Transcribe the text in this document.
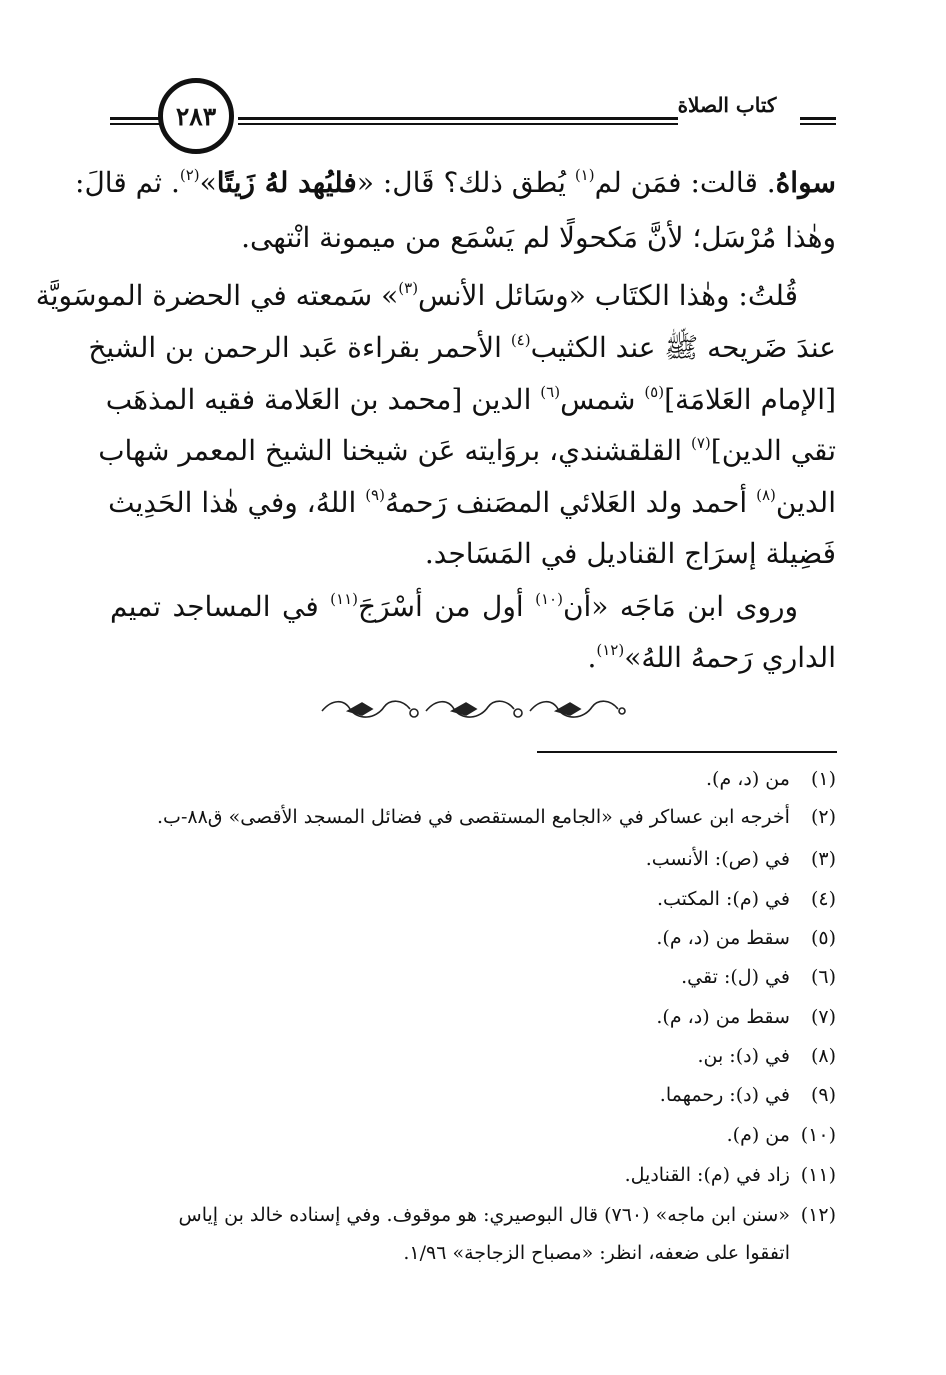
كتاب الصلاة
٢٨٣
سواهُ. قالت: فمَن لم$^{(١)}$ يُطق ذلك؟ قَال: «فليُهد لهُ زَيتًا»$^{(٢)}$. ثم قالَ:
وهٰذا مُرْسَل؛ لأنَّ مَكحولًا لم يَسْمَع من ميمونة انْتهى.
قُلتُ: وهٰذا الكتَاب «وسَائل الأنس$^{(٣)}$» سَمعته في الحضرة الموسَويَّة
عندَ ضَريحه ﷺ عند الكثيب$^{(٤)}$ الأحمر بقراءة عَبد الرحمن بن الشيخ
[الإمام العَلامَة]$^{(٥)}$ شمس$^{(٦)}$ الدين [محمد بن العَلامة فقيه المذهَب
تقي الدين]$^{(٧)}$ القلقشندي، بروَايته عَن شيخنا الشيخ المعمر شهاب
الدين$^{(٨)}$ أحمد ولد العَلائي المصَنف رَحمهُ$^{(٩)}$ اللهُ، وفي هٰذا الحَدِيث
فَضِيلة إسرَاج القناديل في المَسَاجد.
وروى ابن مَاجَه «أن$^{(١٠)}$ أول من أسْرَجَ$^{(١١)}$ في المساجد تميم
الداري رَحمهُ اللهُ»$^{(١٢)}$.
(١) من (د، م).
(٢) أخرجه ابن عساكر في «الجامع المستقصى في فضائل المسجد الأقصى» ق٨٨-ب.
(٣) في (ص): الأنسب.
(٤) في (م): المكتب.
(٥) سقط من (د، م).
(٦) في (ل): تقي.
(٧) سقط من (د، م).
(٨) في (د): بن.
(٩) في (د): رحمهما.
(١٠) من (م).
(١١) زاد في (م): القناديل.
(١٢) «سنن ابن ماجه» (٧٦٠) قال البوصيري: هو موقوف. وفي إسناده خالد بن إياس
اتفقوا على ضعفه، انظر: «مصباح الزجاجة» ١/٩٦.
